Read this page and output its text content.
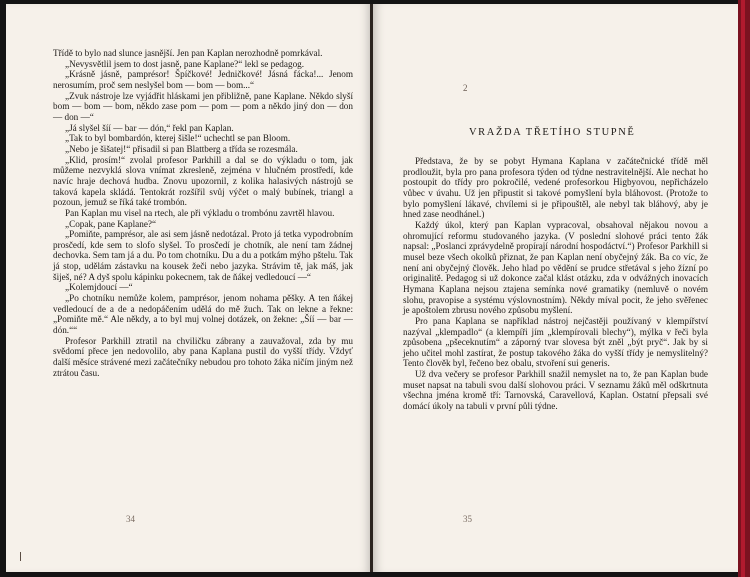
Třídě to bylo nad slunce jasnější. Jen pan Kaplan nerozhodně pomrkával.

„Nevysvětlil jsem to dost jasně, pane Kaplane?“ lekl se pedagog.

„Krásně jásně, pamprésor! Špíčkové! Jedničkové! Jásná fácka!... Jenom nerosumím, proč sem neslyšel bom — bom — bom...“

„Zvuk nástroje lze vyjádřit hláskami jen přibližně, pane Kaplane. Někdo slyší bom — bom — bom, někdo zase pom — pom — pom a někdo jiný don — don — don —“

„Já slyšel šíí — bar — dón,“ řekl pan Kaplan.

„Tak to byl bombardón, kterej šišle!“ uchechtl se pan Bloom.

„Nebo je šišatej!“ přisadil si pan Blattberg a třída se rozesmála.

„Klid, prosím!“ zvolal profesor Parkhill a dal se do výkladu o tom, jak můžeme nezvyklá slova vnímat zkresleně, zejména v hlučném prostředí, kde navíc hraje dechová hudba. Znovu upozornil, z kolika halasivých nástrojů se taková kapela skládá. Tentokrát rozšířil svůj výčet o malý bubínek, triangl a pozoun, jemuž se říká také trombón.

Pan Kaplan mu visel na rtech, ale při výkladu o trombónu zavrtěl hlavou.

„Copak, pane Kaplane?“

„Pomiňte, pamprésor, ale asi sem jásně nedotázal. Proto já tetka vypodrobním prosčedí, kde sem to slofo slyšel. To prosčedí je chotník, ale není tam žádnej dechovka. Sem tam já a du. Po tom chotníku. Du a du a potkám mýho pštelu. Tak já stop, udělám zástavku na kousek žeči nebo jazyka. Strávim tě, jak máš, jak šiješ, né? A dyš spolu kápinku pokecnem, tak de ňákej vedledoucí —“

„Kolemjdoucí —“

„Po chotníku nemůže kolem, pamprésor, jenom nohama pěšky. A ten ňákej vedledoucí de a de a nedopáčením udělá do mě žuch. Tak on lekne a řekne: „Pomiňte mě.“ Ale někdy, a to byl muj volnej dotázek, on žekne: „Šíí — bar — dón.““

Profesor Parkhill ztratil na chviličku zábrany a zauvažoval, zda by mu svědomí přece jen nedovolilo, aby pana Kaplana pustil do vyšší třídy. Vždyť další měsíce strávené mezi začátečníky nebudou pro tohoto žáka ničím jiným než ztrátou času.

34
2
VRAŽDA TŘETÍHO STUPNĚ

Představa, že by se pobyt Hymana Kaplana v začátečnické třídě měl prodloužit, byla pro pana profesora týden od týdne nestravitelnější. Ale nechat ho postoupit do třídy pro pokročilé, vedené profesorkou Higbyovou, nepřicházelo vůbec v úvahu. Už jen připustit si takové pomyšlení byla bláhovost. (Protože to bylo pomyšlení lákavé, chvílemi si je připouštěl, ale nebyl tak bláhový, aby je hned zase neodhánel.)

Každý úkol, který pan Kaplan vypracoval, obsahoval nějakou novou a ohromující reformu studovaného jazyka. (V poslední slohové práci tento žák napsal: „Poslanci zprávydelně propírají národní hospodáctví.“) Profesor Parkhill si musel beze všech okolků přiznat, že pan Kaplan není obyčejný žák. Ba co víc, že není ani obyčejný člověk. Jeho hlad po vědění se prudce střetával s jeho žízní po originalitě. Pedagog si už dokonce začal klást otázku, zda v odvážných inovacích Hymana Kaplana nejsou ztajena semínka nové gramatiky (nemluvě o novém slohu, pravopise a systému výslovnostním). Někdy míval pocit, že jeho svěřenec je apoštolem zbrusu nového způsobu myšlení.

Pro pana Kaplana se například nástroj nejčastěji používaný v klempířství nazýval „klempadlo“ (a klempíři jím „klempírovali blechy“), mýlka v řeči byla způsobena „pšeceknutím“ a záporný tvar slovesa být zněl „být pryč“. Jak by si jeho učitel mohl zastírat, že postup takového žáka do vyšší třídy je nemyslitelný? Tento člověk byl, řečeno bez obalu, stvoření sui generis.

Už dva večery se profesor Parkhill snažil nemyslet na to, že pan Kaplan bude muset napsat na tabuli svou další slohovou práci. V seznamu žáků měl odškrtnuta všechna jména kromě tří: Tarnovská, Caravellová, Kaplan. Ostatní přepsali své domácí úkoly na tabuli v první půli týdne.

35
